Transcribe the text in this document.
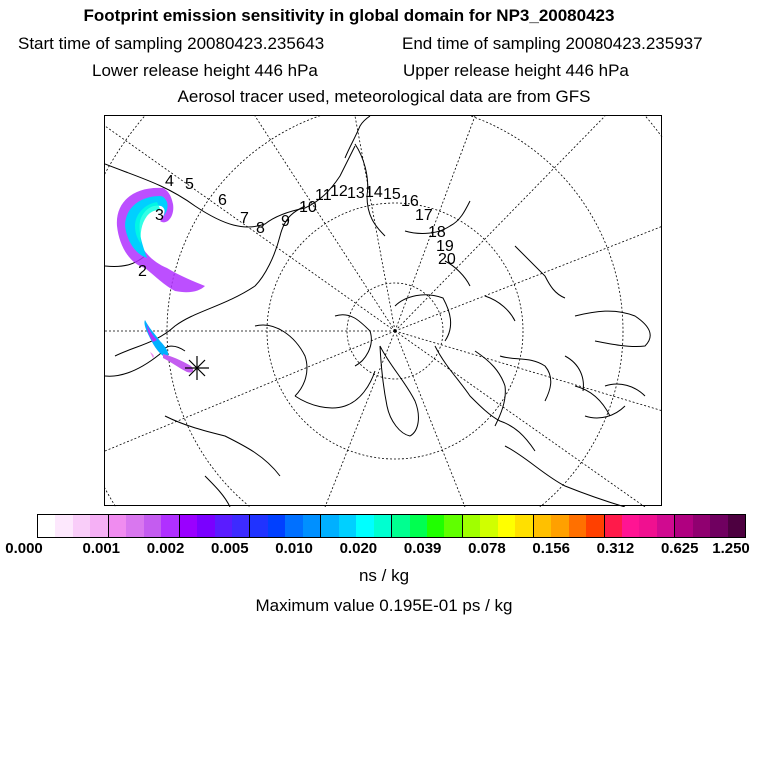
Footprint emission sensitivity in global domain for NP3_20080423
Start time of sampling 20080423.235643	End time of sampling 20080423.235937
Lower release height 446 hPa	Upper release height 446 hPa
Aerosol tracer used, meteorological data are from GFS
2
3
4 5
6
7
8 9
10
11
12 13 14 15 16
17
18
19
20
0.000	0.001 0.002 0.005 0.010 0.020 0.039 0.078 0.156 0.312 0.625 1.250
ns / kg
Maximum value 0.195E-01 ps / kg
